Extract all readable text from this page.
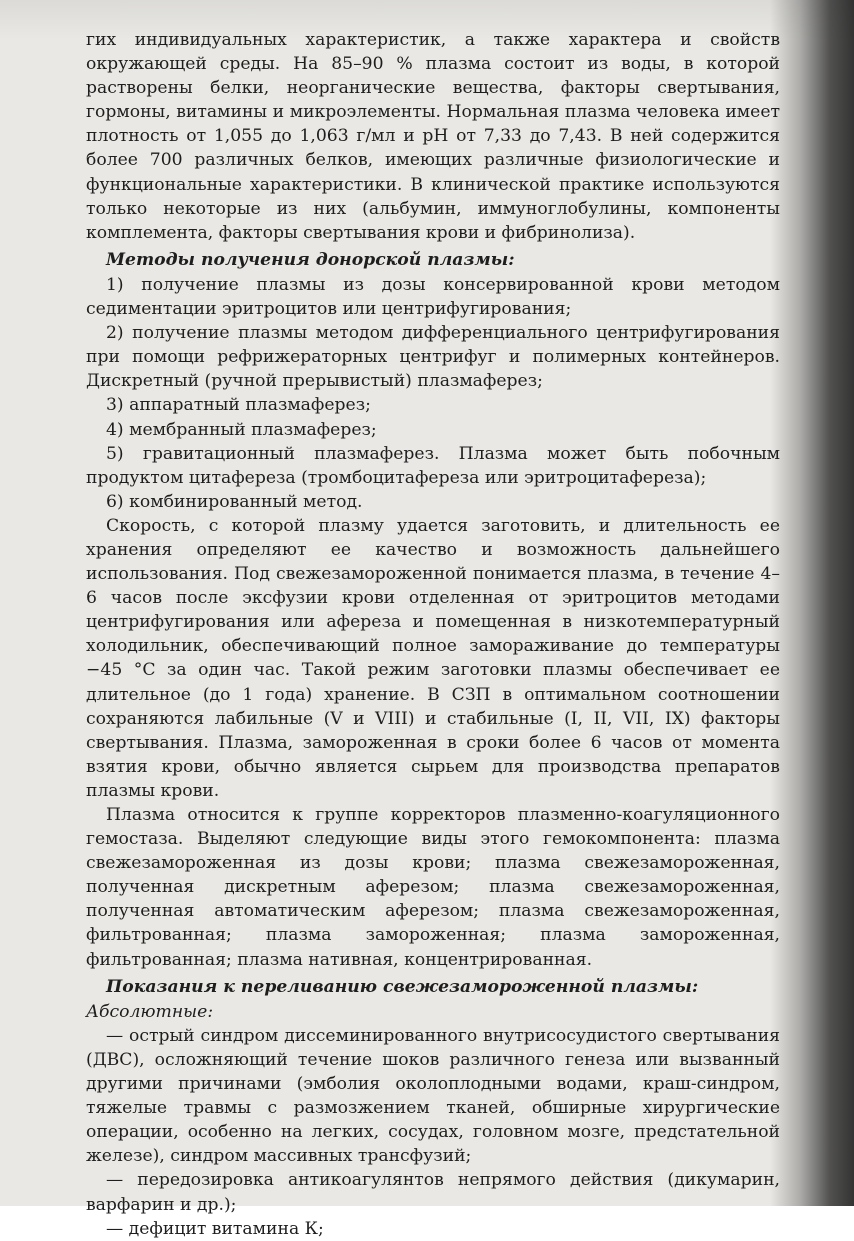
гих индивидуальных характеристик, а также характера и свойств окружающей среды. На 85–90 % плазма состоит из воды, в которой растворены белки, неорганические вещества, факторы свертывания, гормоны, витамины и микроэлементы. Нормальная плазма человека имеет плотность от 1,055 до 1,063 г/мл и pH от 7,33 до 7,43. В ней содержится более 700 различных белков, имеющих различные физиологические и функциональные характеристики. В клинической практике используются только некоторые из них (альбумин, иммуноглобулины, компоненты комплемента, факторы свертывания крови и фибринолиза).

Методы получения донорской плазмы:

1) получение плазмы из дозы консервированной крови методом седиментации эритроцитов или центрифугирования;

2) получение плазмы методом дифференциального центрифугирования при помощи рефрижераторных центрифуг и полимерных контейнеров. Дискретный (ручной прерывистый) плазмаферез;

3) аппаратный плазмаферез;

4) мембранный плазмаферез;

5) гравитационный плазмаферез. Плазма может быть побочным продуктом цитафереза (тромбоцитафереза или эритроцитафереза);

6) комбинированный метод.

Скорость, с которой плазму удается заготовить, и длительность ее хранения определяют ее качество и возможность дальнейшего использования. Под свежезамороженной понимается плазма, в течение 4–6 часов после эксфузии крови отделенная от эритроцитов методами центрифугирования или афереза и помещенная в низкотемпературный холодильник, обеспечивающий полное замораживание до температуры −45 °С за один час. Такой режим заготовки плазмы обеспечивает ее длительное (до 1 года) хранение. В СЗП в оптимальном соотношении сохраняются лабильные (V и VIII) и стабильные (I, II, VII, IX) факторы свертывания. Плазма, замороженная в сроки более 6 часов от момента взятия крови, обычно является сырьем для производства препаратов плазмы крови.

Плазма относится к группе корректоров плазменно-коагуляционного гемостаза. Выделяют следующие виды этого гемокомпонента: плазма свежезамороженная из дозы крови; плазма свежезамороженная, полученная дискретным аферезом; плазма свежезамороженная, полученная автоматическим аферезом; плазма свежезамороженная, фильтрованная; плазма замороженная; плазма замороженная, фильтрованная; плазма нативная, концентрированная.

Показания к переливанию свежезамороженной плазмы:

Абсолютные:

— острый синдром диссеминированного внутрисосудистого свертывания (ДВС), осложняющий течение шоков различного генеза или вызванный другими причинами (эмболия околоплодными водами, краш-синдром, тяжелые травмы с размозжением тканей, обширные хирургические операции, особенно на легких, сосудах, головном мозге, предстательной железе), синдром массивных трансфузий;

— передозировка антикоагулянтов непрямого действия (дикумарин, варфарин и др.);

— дефицит витамина К;
